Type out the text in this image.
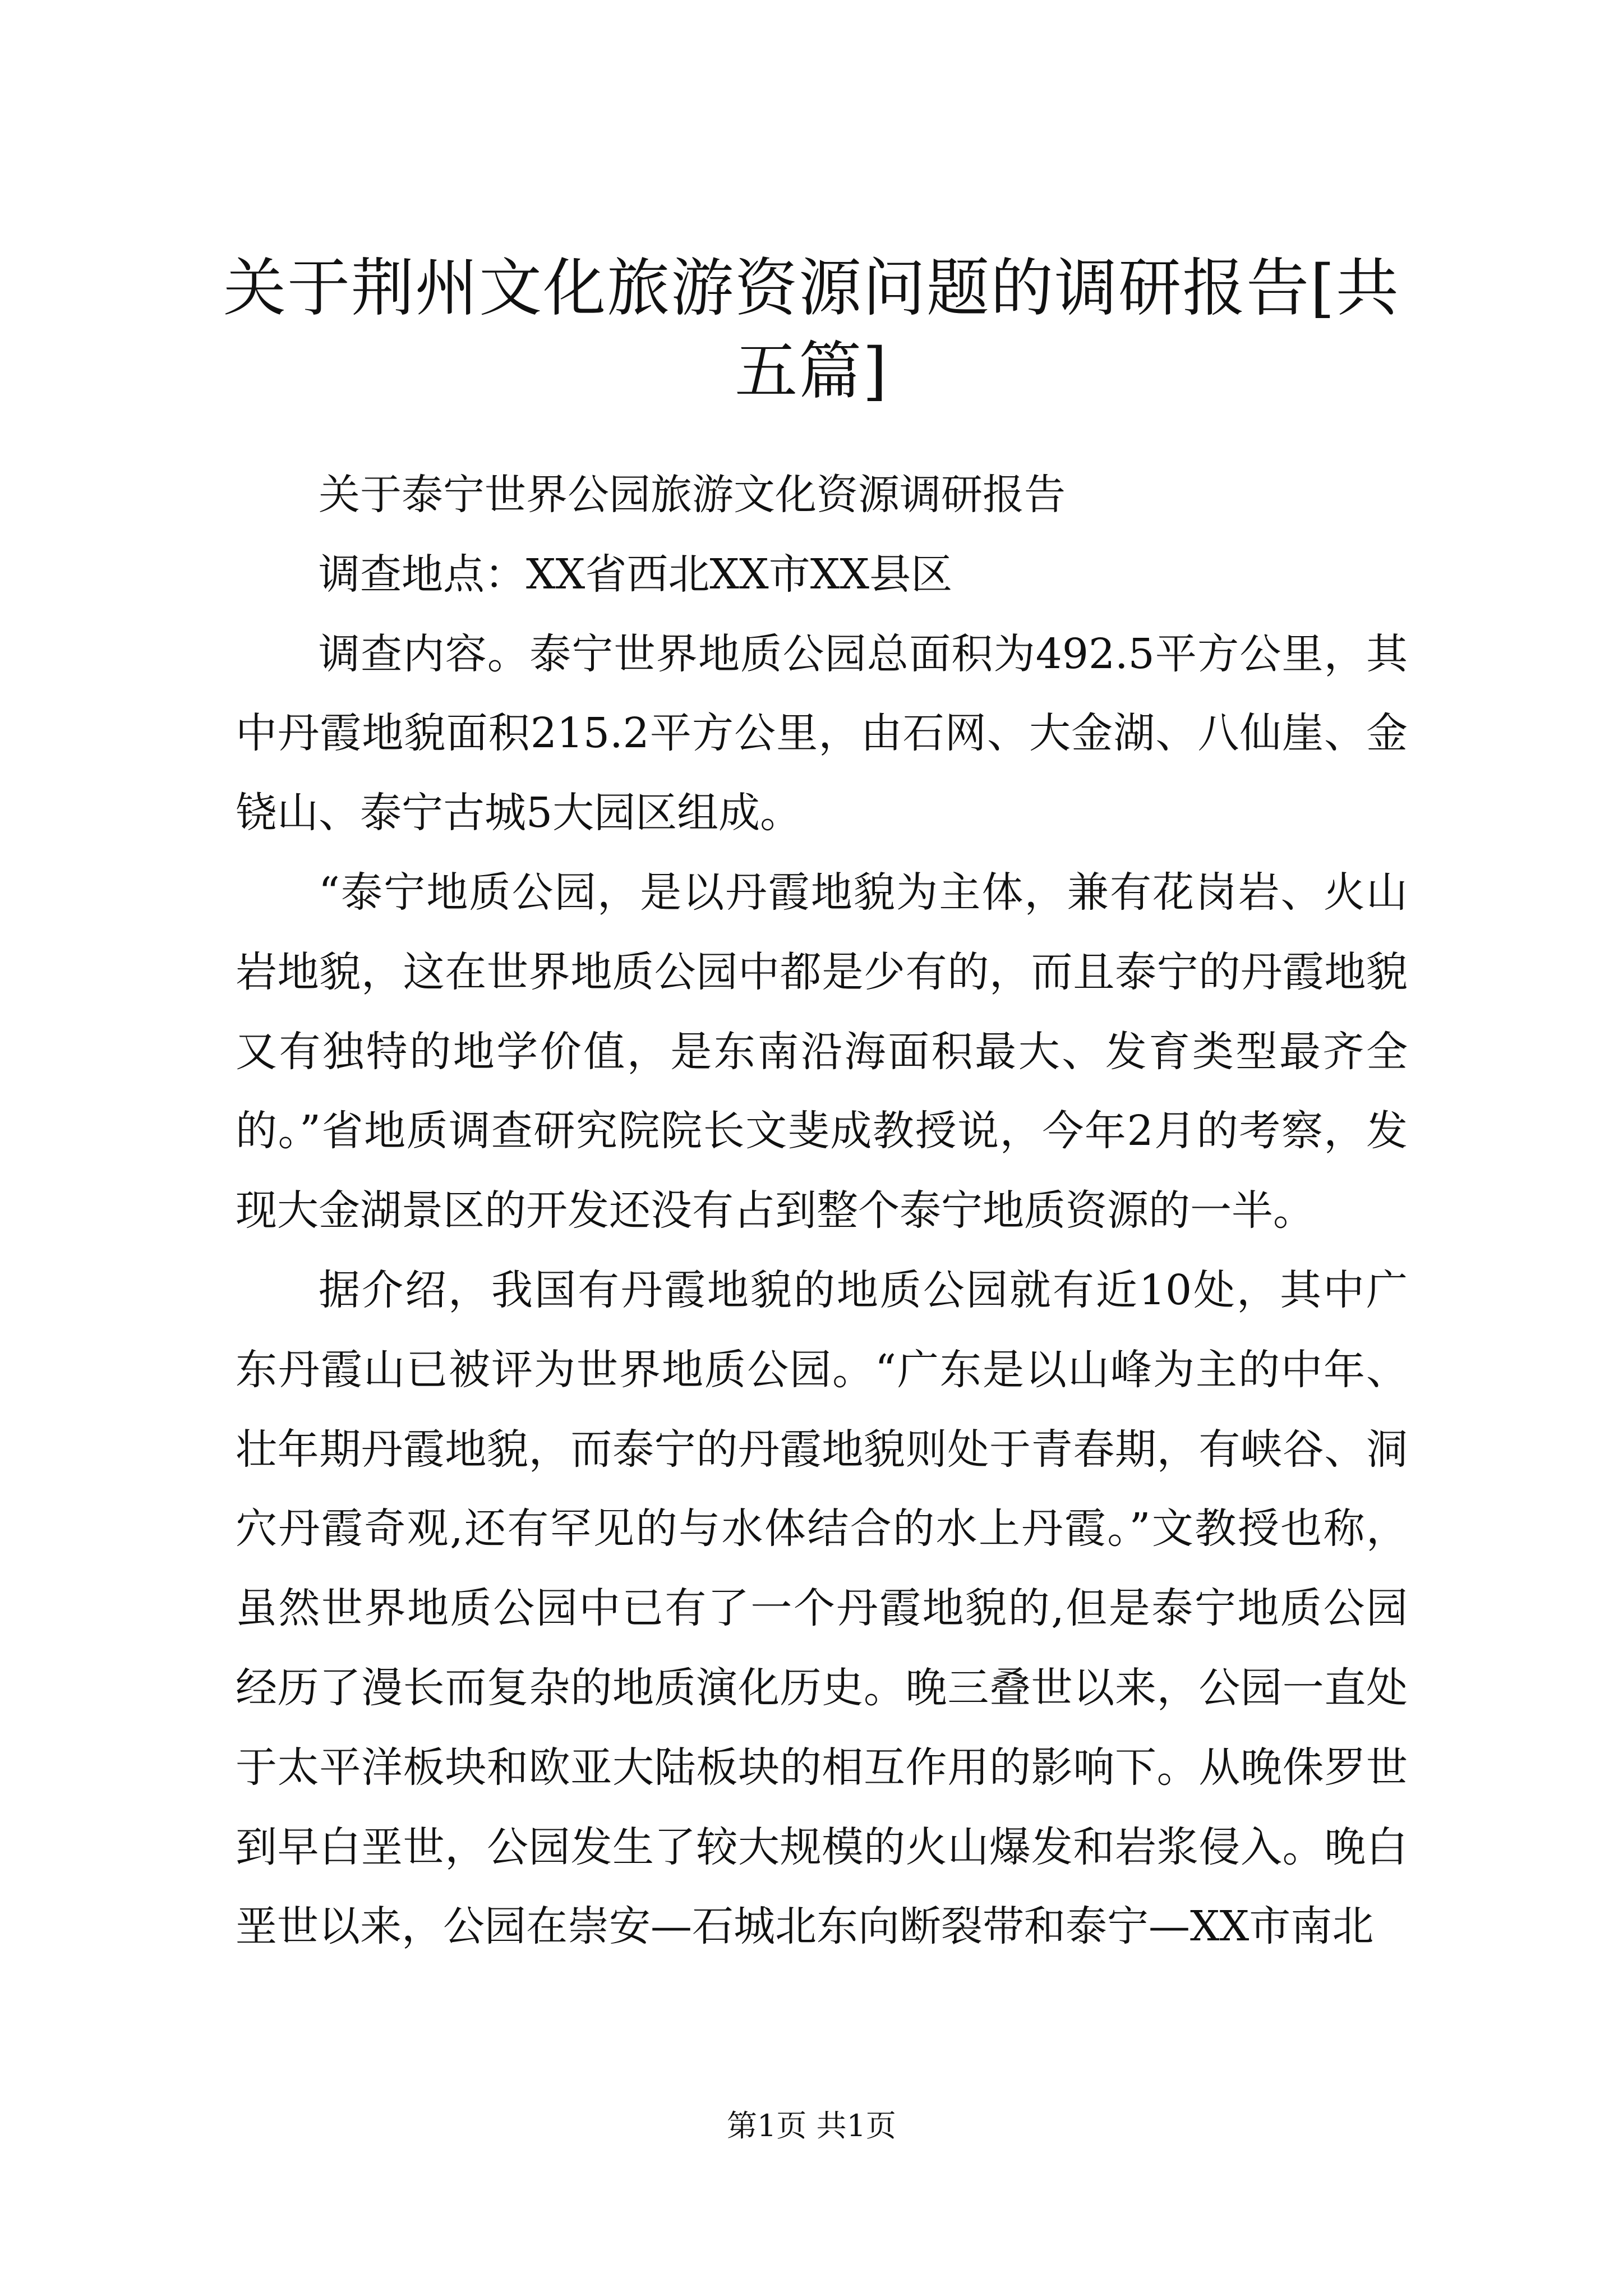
关于荆州文化旅游资源问题的调研报告[共五篇]

关于泰宁世界公园旅游文化资源调研报告

调查地点：XX省西北XX市XX县区

调查内容。泰宁世界地质公园总面积为492.5平方公里，其中丹霞地貌面积215.2平方公里，由石网、大金湖、八仙崖、金铙山、泰宁古城5大园区组成。

“泰宁地质公园，是以丹霞地貌为主体，兼有花岗岩、火山岩地貌，这在世界地质公园中都是少有的，而且泰宁的丹霞地貌又有独特的地学价值，是东南沿海面积最大、发育类型最齐全的。”省地质调查研究院院长文斐成教授说，今年2月的考察，发现大金湖景区的开发还没有占到整个泰宁地质资源的一半。

据介绍，我国有丹霞地貌的地质公园就有近10处，其中广东丹霞山已被评为世界地质公园。“广东是以山峰为主的中年、壮年期丹霞地貌，而泰宁的丹霞地貌则处于青春期，有峡谷、洞穴丹霞奇观,还有罕见的与水体结合的水上丹霞。”文教授也称，虽然世界地质公园中已有了一个丹霞地貌的,但是泰宁地质公园经历了漫长而复杂的地质演化历史。晚三叠世以来，公园一直处于太平洋板块和欧亚大陆板块的相互作用的影响下。从晚侏罗世到早白垩世，公园发生了较大规模的火山爆发和岩浆侵入。晚白垩世以来，公园在崇安—石城北东向断裂带和泰宁—XX市南北

第1页 共1页
